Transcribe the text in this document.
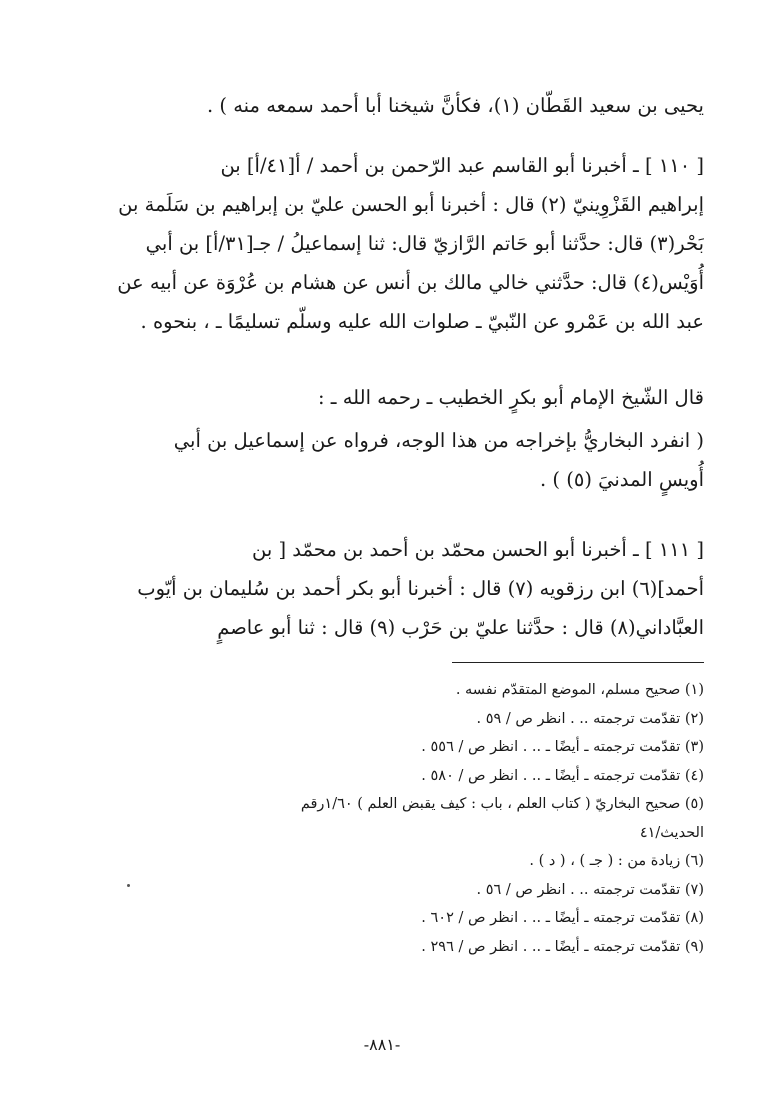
يحيى بن سعيد القَطّان (١)، فكأنَّ شيخنا أبا أحمد سمعه منه ) .
[ ١١٠ ] ـ أخبرنا أبو القاسم عبد الرّحمن بن أحمد / أ[٤١/أ] بن
إبراهيم القَزْوِينيّ (٢) قال : أخبرنا أبو الحسن عليّ بن إبراهيم بن سَلَمة بن
بَحْر(٣) قال: حدَّثنا أبو حَاتم الرَّازيّ قال: ثنا إسماعيلُ / جـ[٣١/أ] بن أبي
أُوَيْس(٤) قال: حدَّثني خالي مالك بن أنس عن هشام بن عُرْوَة عن أبيه عن
عبد الله بن عَمْرو عن النّبيّ ـ صلوات الله عليه وسلّم تسليمًا ـ ، بنحوه .
قال الشّيخ الإمام أبو بكرٍ الخطيب ـ رحمه الله ـ :
( انفرد البخاريُّ بإخراجه من هذا الوجه، فرواه عن إسماعيل بن أبي
أُويسٍ المدنيَ (٥) ) .
[ ١١١ ] ـ أخبرنا أبو الحسن محمّد بن أحمد بن محمّد [ بن
أحمد](٦) ابن رزقويه (٧) قال : أخبرنا أبو بكر أحمد بن سُليمان بن أيّوب
العبَّاداني(٨) قال : حدَّثنا عليّ بن حَرْب (٩) قال : ثنا أبو عاصمٍ
(١) صحيح مسلم، الموضع المتقدّم نفسه .
(٢) تقدّمت ترجمته .. . انظر ص / ٥٩ .
(٣) تقدّمت ترجمته ـ أيضًا ـ .. . انظر ص / ٥٥٦ .
(٤) تقدّمت ترجمته ـ أيضًا ـ .. . انظر ص / ٥٨٠ .
(٥) صحيح البخاريّ ( كتاب العلم ، باب : كيف يقبض العلم ) ١/٦٠رقم
الحديث/٤١
(٦) زيادة من : ( جـ ) ، ( د ) .
(٧) تقدّمت ترجمته .. . انظر ص / ٥٦ .
(٨) تقدّمت ترجمته ـ أيضًا ـ .. . انظر ص / ٦٠٢ .
(٩) تقدّمت ترجمته ـ أيضًا ـ .. . انظر ص / ٢٩٦ .
-٨٨١-
